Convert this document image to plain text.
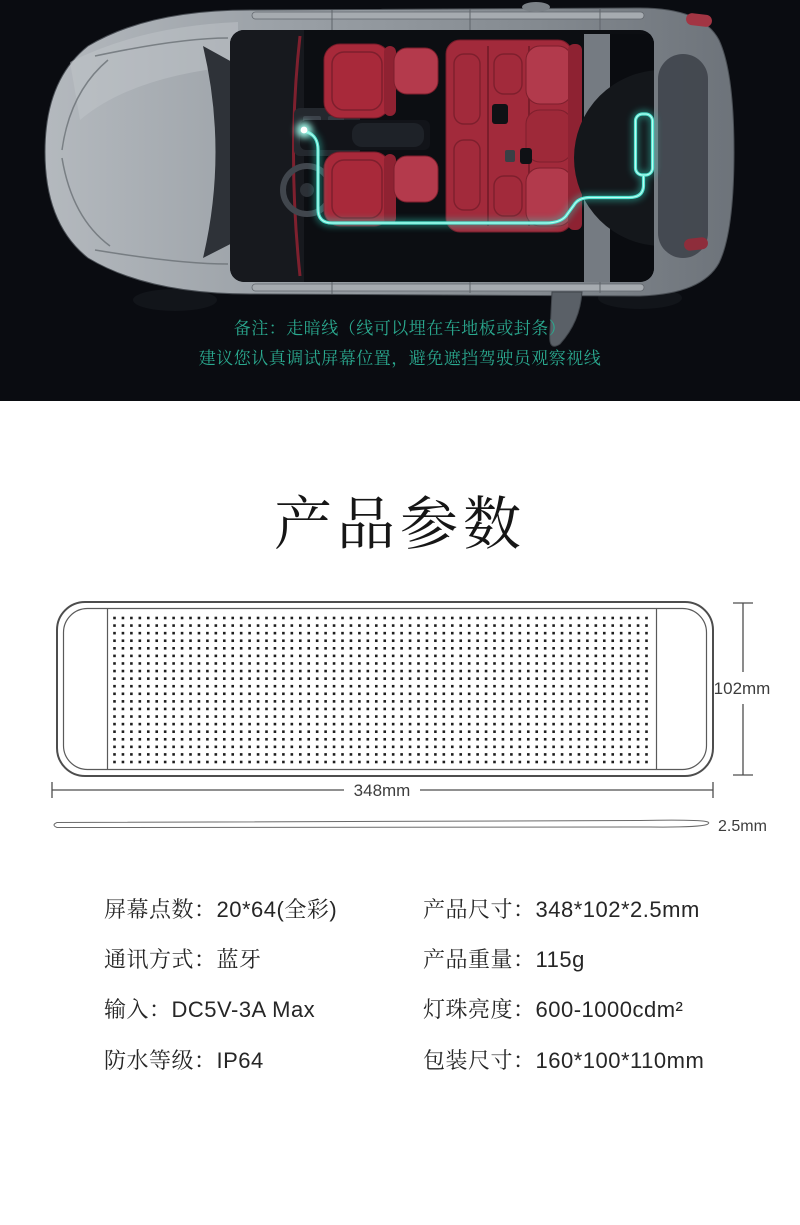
备注：走暗线（线可以埋在车地板或封条）
建议您认真调试屏幕位置，避免遮挡驾驶员观察视线
产品参数
102mm
348mm
2.5mm
屏幕点数：20*64(全彩)
通讯方式：蓝牙
输入：DC5V-3A Max
防水等级：IP64
产品尺寸：348*102*2.5mm
产品重量：115g
灯珠亮度：600-1000cdm²
包装尺寸：160*100*110mm
